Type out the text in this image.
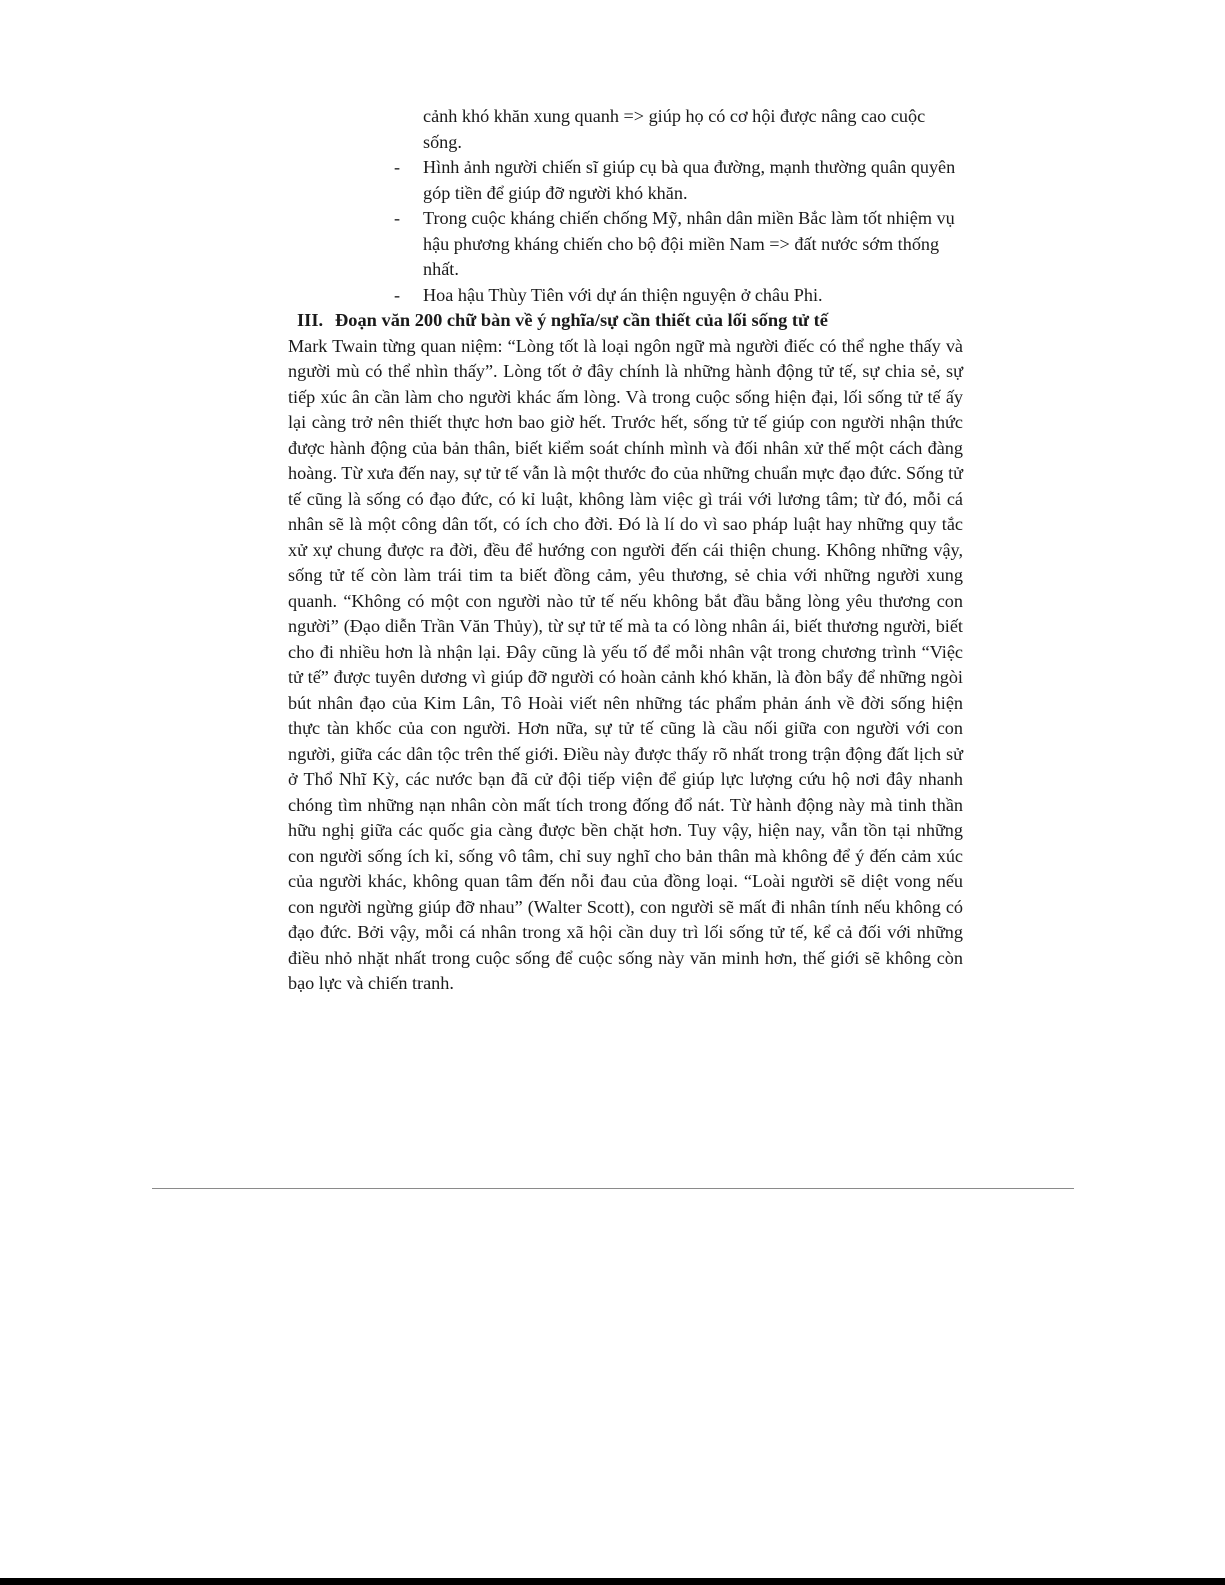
cảnh khó khăn xung quanh => giúp họ có cơ hội được nâng cao cuộc sống.
- Hình ảnh người chiến sĩ giúp cụ bà qua đường, mạnh thường quân quyên góp tiền để giúp đỡ người khó khăn.
- Trong cuộc kháng chiến chống Mỹ, nhân dân miền Bắc làm tốt nhiệm vụ hậu phương kháng chiến cho bộ đội miền Nam => đất nước sớm thống nhất.
- Hoa hậu Thùy Tiên với dự án thiện nguyện ở châu Phi.
III. Đoạn văn 200 chữ bàn về ý nghĩa/sự cần thiết của lối sống tử tế

Mark Twain từng quan niệm: “Lòng tốt là loại ngôn ngữ mà người điếc có thể nghe thấy và người mù có thể nhìn thấy”. Lòng tốt ở đây chính là những hành động tử tế, sự chia sẻ, sự tiếp xúc ân cần làm cho người khác ấm lòng. Và trong cuộc sống hiện đại, lối sống tử tế ấy lại càng trở nên thiết thực hơn bao giờ hết. Trước hết, sống tử tế giúp con người nhận thức được hành động của bản thân, biết kiểm soát chính mình và đối nhân xử thế một cách đàng hoàng. Từ xưa đến nay, sự tử tế vẫn là một thước đo của những chuẩn mực đạo đức. Sống tử tế cũng là sống có đạo đức, có kỉ luật, không làm việc gì trái với lương tâm; từ đó, mỗi cá nhân sẽ là một công dân tốt, có ích cho đời. Đó là lí do vì sao pháp luật hay những quy tắc xử xự chung được ra đời, đều để hướng con người đến cái thiện chung. Không những vậy, sống tử tế còn làm trái tim ta biết đồng cảm, yêu thương, sẻ chia với những người xung quanh. “Không có một con người nào tử tế nếu không bắt đầu bằng lòng yêu thương con người” (Đạo diễn Trần Văn Thủy), từ sự tử tế mà ta có lòng nhân ái, biết thương người, biết cho đi nhiều hơn là nhận lại. Đây cũng là yếu tố để mỗi nhân vật trong chương trình “Việc tử tế” được tuyên dương vì giúp đỡ người có hoàn cảnh khó khăn, là đòn bẩy để những ngòi bút nhân đạo của Kim Lân, Tô Hoài viết nên những tác phẩm phản ánh về đời sống hiện thực tàn khốc của con người. Hơn nữa, sự tử tế cũng là cầu nối giữa con người với con người, giữa các dân tộc trên thế giới. Điều này được thấy rõ nhất trong trận động đất lịch sử ở Thổ Nhĩ Kỳ, các nước bạn đã cử đội tiếp viện để giúp lực lượng cứu hộ nơi đây nhanh chóng tìm những nạn nhân còn mất tích trong đống đổ nát. Từ hành động này mà tinh thần hữu nghị giữa các quốc gia càng được bền chặt hơn. Tuy vậy, hiện nay, vẫn tồn tại những con người sống ích kỉ, sống vô tâm, chỉ suy nghĩ cho bản thân mà không để ý đến cảm xúc của người khác, không quan tâm đến nỗi đau của đồng loại. “Loài người sẽ diệt vong nếu con người ngừng giúp đỡ nhau” (Walter Scott), con người sẽ mất đi nhân tính nếu không có đạo đức. Bởi vậy, mỗi cá nhân trong xã hội cần duy trì lối sống tử tế, kể cả đối với những điều nhỏ nhặt nhất trong cuộc sống để cuộc sống này văn minh hơn, thế giới sẽ không còn bạo lực và chiến tranh.
